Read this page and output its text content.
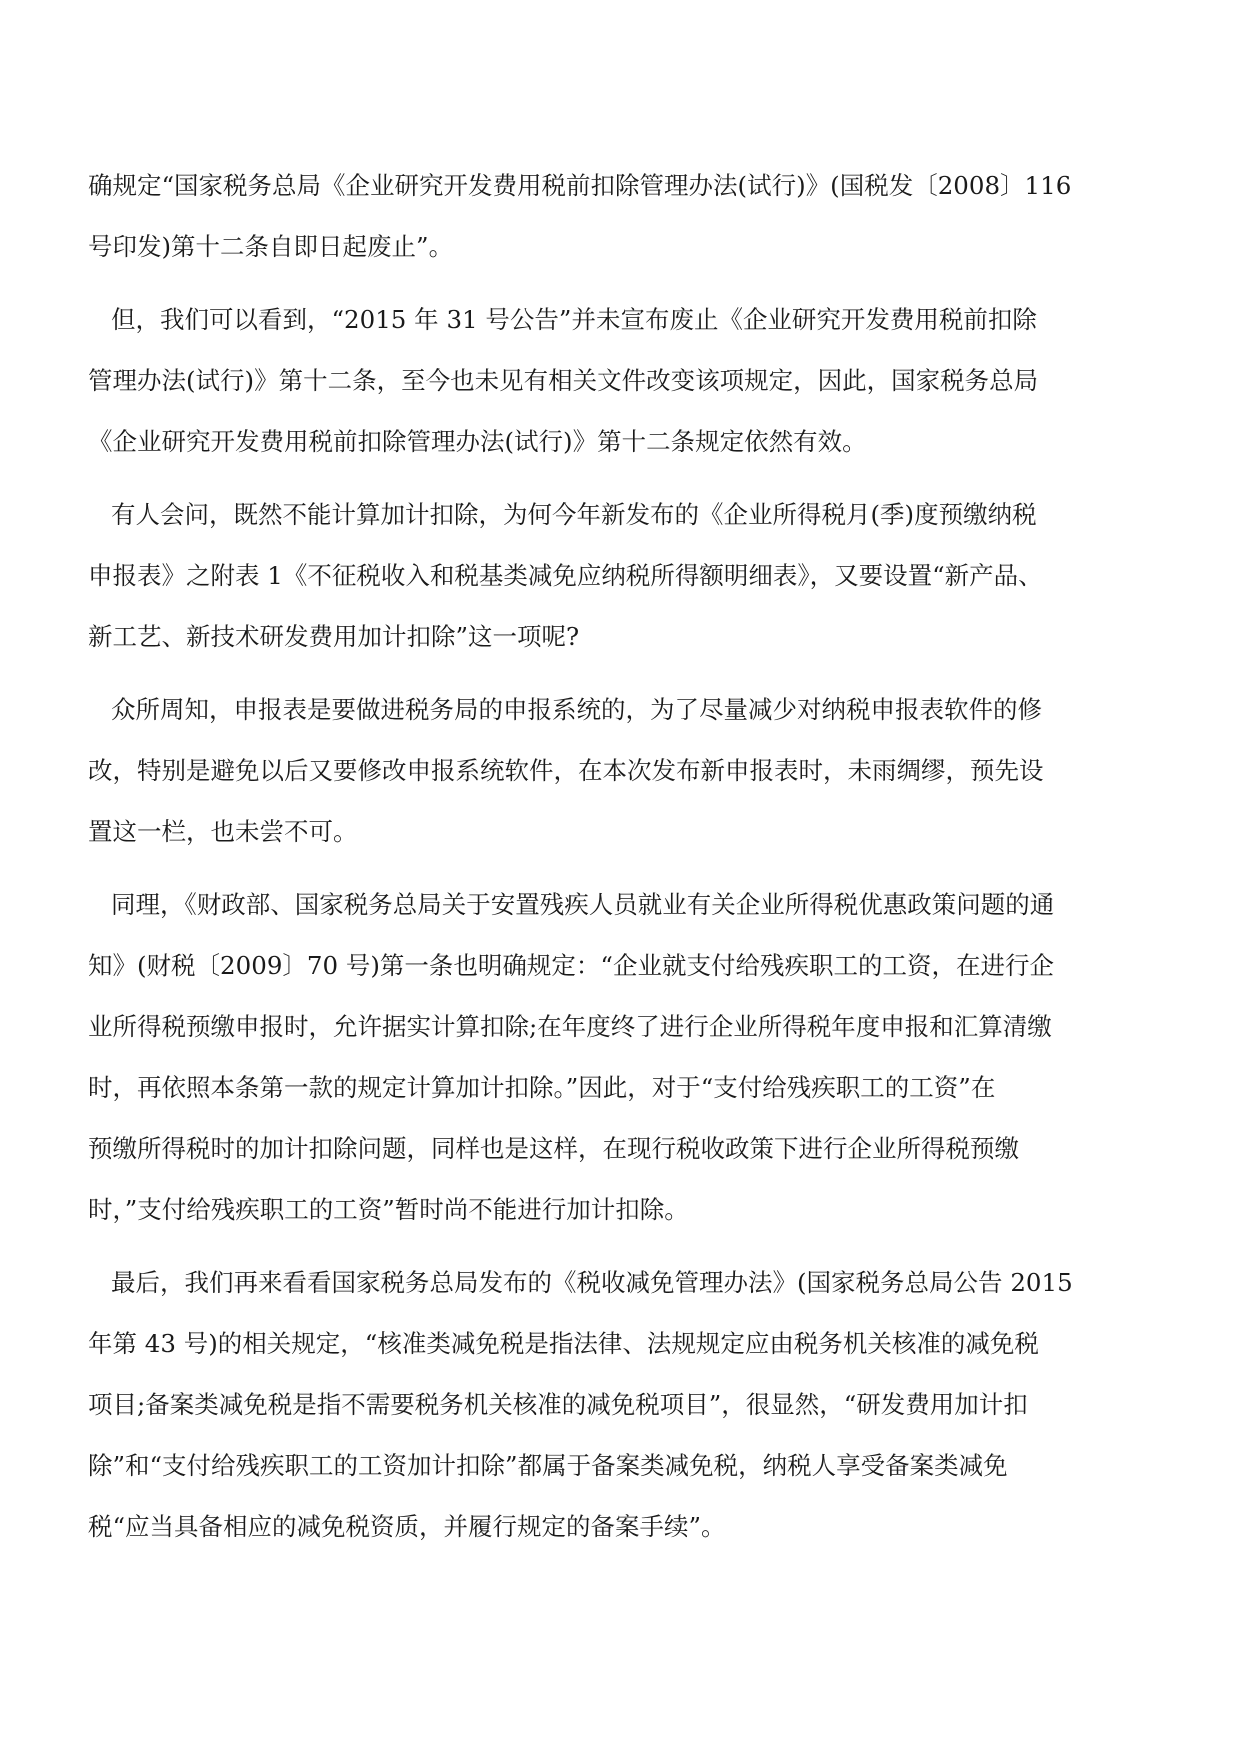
确规定“国家税务总局《企业研究开发费用税前扣除管理办法(试行)》(国税发〔2008〕116
号印发)第十二条自即日起废止”。

但，我们可以看到，“2015 年 31 号公告”并未宣布废止《企业研究开发费用税前扣除
管理办法(试行)》第十二条，至今也未见有相关文件改变该项规定，因此，国家税务总局
《企业研究开发费用税前扣除管理办法(试行)》第十二条规定依然有效。

有人会问，既然不能计算加计扣除，为何今年新发布的《企业所得税月(季)度预缴纳税
申报表》之附表 1《不征税收入和税基类减免应纳税所得额明细表》，又要设置“新产品、
新工艺、新技术研发费用加计扣除”这一项呢?

众所周知，申报表是要做进税务局的申报系统的，为了尽量减少对纳税申报表软件的修
改，特别是避免以后又要修改申报系统软件，在本次发布新申报表时，未雨绸缪，预先设
置这一栏，也未尝不可。

同理，《财政部、国家税务总局关于安置残疾人员就业有关企业所得税优惠政策问题的通
知》(财税〔2009〕70 号)第一条也明确规定：“企业就支付给残疾职工的工资，在进行企
业所得税预缴申报时，允许据实计算扣除;在年度终了进行企业所得税年度申报和汇算清缴
时，再依照本条第一款的规定计算加计扣除。”因此，对于“支付给残疾职工的工资”在
预缴所得税时的加计扣除问题，同样也是这样，在现行税收政策下进行企业所得税预缴
时，”支付给残疾职工的工资”暂时尚不能进行加计扣除。

最后，我们再来看看国家税务总局发布的《税收减免管理办法》(国家税务总局公告 2015
年第 43 号)的相关规定，“核准类减免税是指法律、法规规定应由税务机关核准的减免税
项目;备案类减免税是指不需要税务机关核准的减免税项目”，很显然，“研发费用加计扣
除”和“支付给残疾职工的工资加计扣除”都属于备案类减免税，纳税人享受备案类减免
税“应当具备相应的减免税资质，并履行规定的备案手续”。
